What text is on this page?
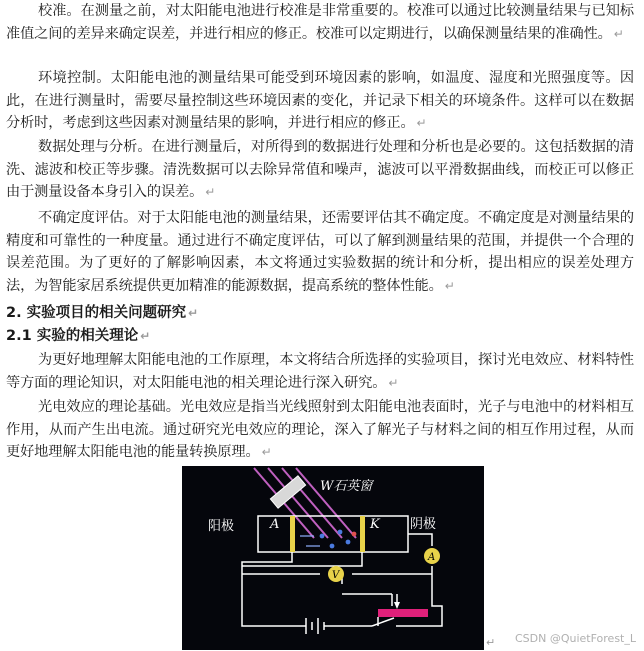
校准。在测量之前，对太阳能电池进行校准是非常重要的。校准可以通过比较测量结果与已知标准值之间的差异来确定误差，并进行相应的修正。校准可以定期进行，以确保测量结果的准确性。 ↵

环境控制。太阳能电池的测量结果可能受到环境因素的影响，如温度、湿度和光照强度等。因此，在进行测量时，需要尽量控制这些环境因素的变化，并记录下相关的环境条件。这样可以在数据分析时，考虑到这些因素对测量结果的影响，并进行相应的修正。 ↵

数据处理与分析。在进行测量后，对所得到的数据进行处理和分析也是必要的。这包括数据的清洗、滤波和校正等步骤。清洗数据可以去除异常值和噪声，滤波可以平滑数据曲线，而校正可以修正由于测量设备本身引入的误差。 ↵

不确定度评估。对于太阳能电池的测量结果，还需要评估其不确定度。不确定度是对测量结果的精度和可靠性的一种度量。通过进行不确定度评估，可以了解到测量结果的范围，并提供一个合理的误差范围。为了更好的了解影响因素，本文将通过实验数据的统计和分析，提出相应的误差处理方法，为智能家居系统提供更加精准的能源数据，提高系统的整体性能。 ↵

2. 实验项目的相关问题研究 ↵
2.1 实验的相关理论 ↵

为更好地理解太阳能电池的工作原理，本文将结合所选择的实验项目，探讨光电效应、材料特性等方面的理论知识，对太阳能电池的相关理论进行深入研究。 ↵

光电效应的理论基础。光电效应是指当光线照射到太阳能电池表面时，光子与电池中的材料相互作用，从而产生出电流。通过研究光电效应的理论，深入了解光子与材料之间的相互作用过程，从而更好地理解太阳能电池的能量转换原理。 ↵

W石英窗
A	K
阳极	阴极
A
V
↵ CSDN @QuietForest_L
